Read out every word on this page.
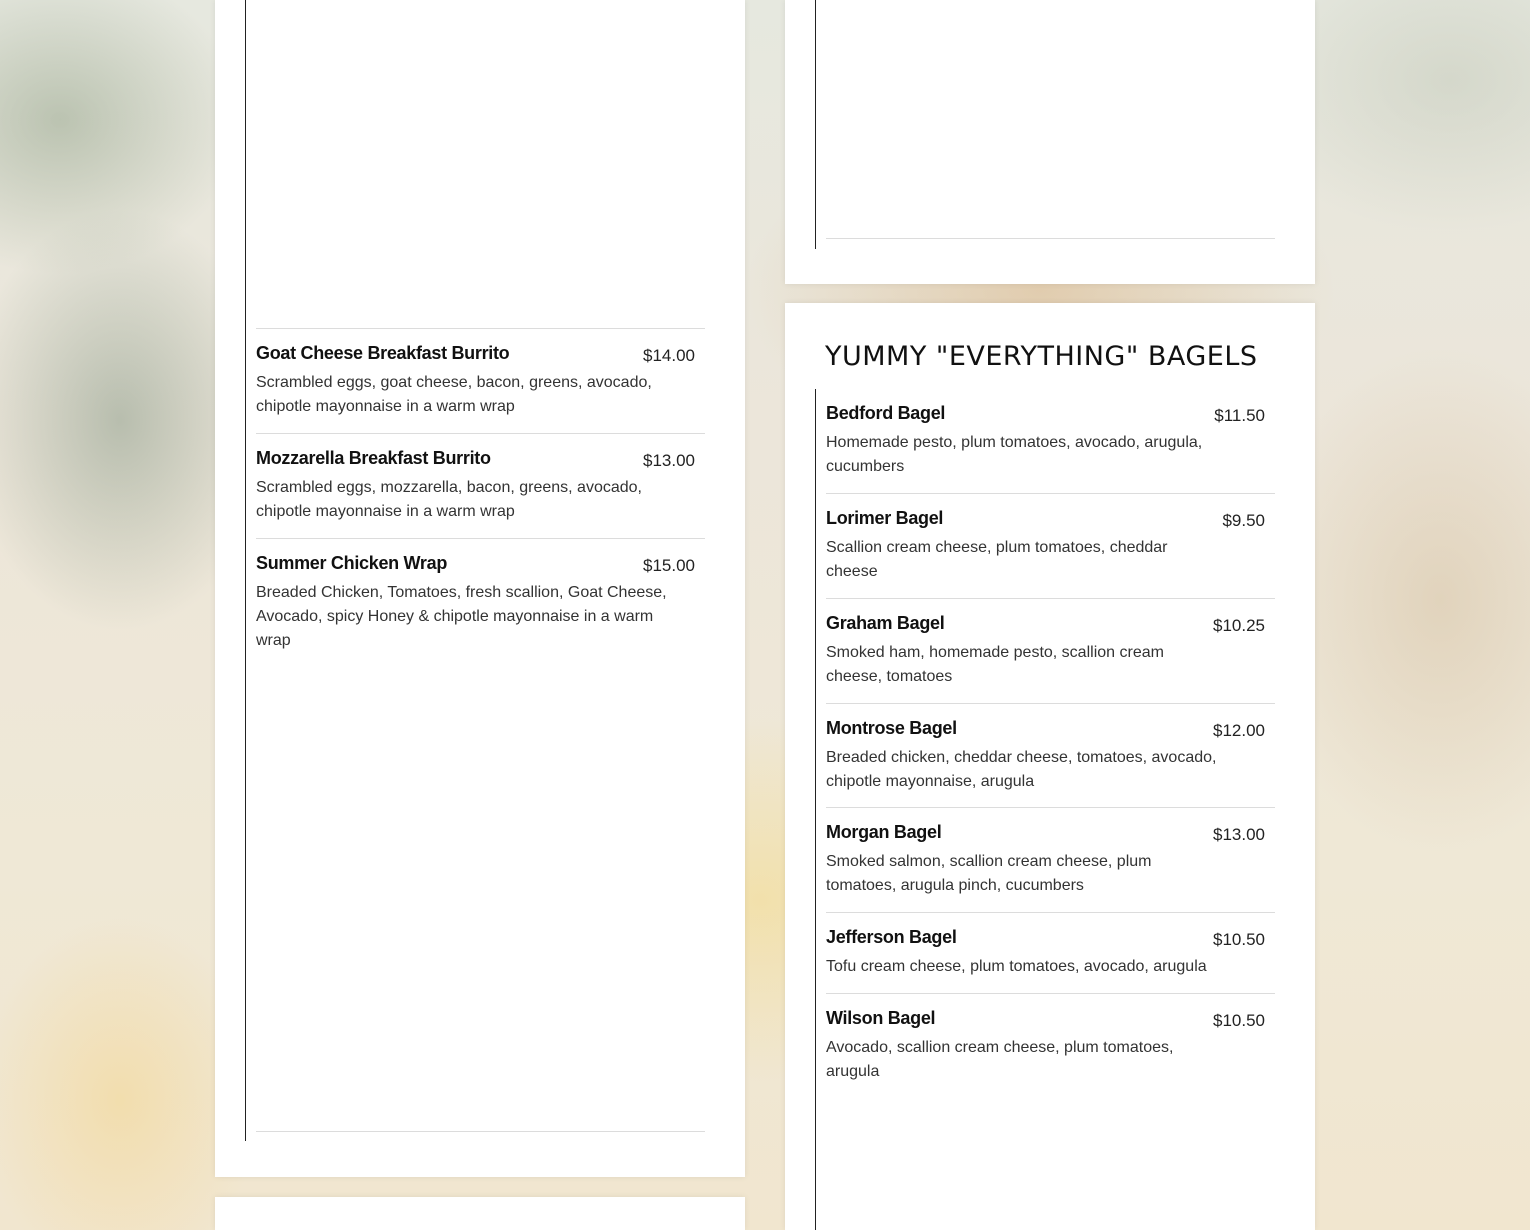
Goat Cheese Breakfast Burrito	$14.00
Scrambled eggs, goat cheese, bacon, greens, avocado, chipotle mayonnaise in a warm wrap
Mozzarella Breakfast Burrito	$13.00
Scrambled eggs, mozzarella, bacon, greens, avocado, chipotle mayonnaise in a warm wrap
Summer Chicken Wrap	$15.00
Breaded Chicken, Tomatoes, fresh scallion, Goat Cheese, Avocado, spicy Honey & chipotle mayonnaise in a warm wrap
YUMMY "EVERYTHING" BAGELS
Bedford Bagel	$11.50
Homemade pesto, plum tomatoes, avocado, arugula, cucumbers
Lorimer Bagel	$9.50
Scallion cream cheese, plum tomatoes, cheddar cheese
Graham Bagel	$10.25
Smoked ham, homemade pesto, scallion cream cheese, tomatoes
Montrose Bagel	$12.00
Breaded chicken, cheddar cheese, tomatoes, avocado, chipotle mayonnaise, arugula
Morgan Bagel	$13.00
Smoked salmon, scallion cream cheese, plum tomatoes, arugula pinch, cucumbers
Jefferson Bagel	$10.50
Tofu cream cheese, plum tomatoes, avocado, arugula
Wilson Bagel	$10.50
Avocado, scallion cream cheese, plum tomatoes, arugula
